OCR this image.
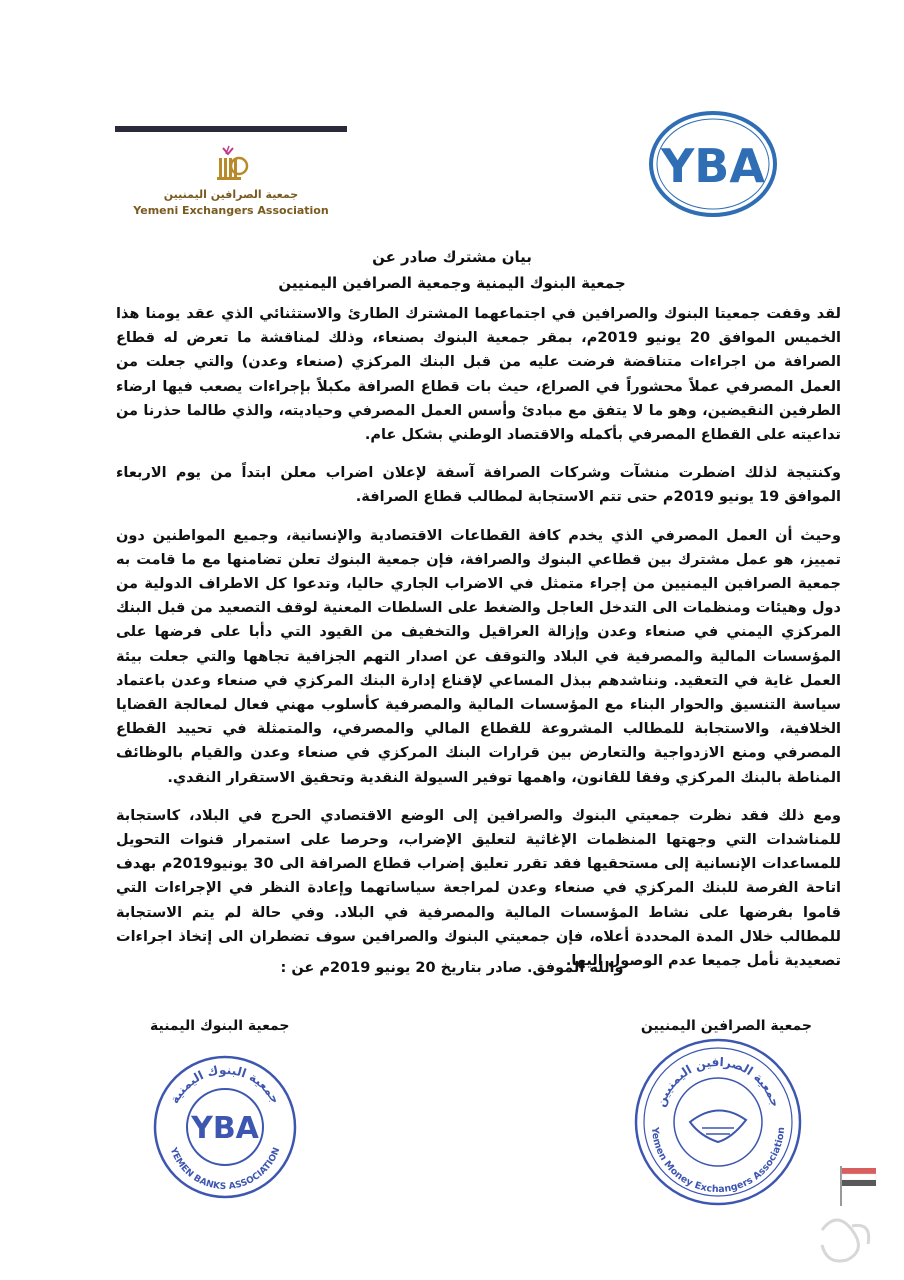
جمعية الصرافين اليمنيين
Yemeni Exchangers Association
YBA
بيان مشترك صادر عن
جمعية البنوك اليمنية وجمعية الصرافين اليمنيين

لقد وقفت جمعيتا البنوك والصرافين في اجتماعهما المشترك الطارئ والاستثنائي الذي عقد يومنا هذا الخميس الموافق 20 يونيو 2019م، بمقر جمعية البنوك بصنعاء، وذلك لمناقشة ما تعرض له قطاع الصرافة من اجراءات متناقضة فرضت عليه من قبل البنك المركزي (صنعاء وعدن) والتي جعلت من العمل المصرفي عملاً محشوراً في الصراع، حيث بات قطاع الصرافة مكبلاً بإجراءات يصعب فيها ارضاء الطرفين النقيضين، وهو ما لا يتفق مع مبادئ وأسس العمل المصرفي وحياديته، والذي طالما حذرنا من تداعيته على القطاع المصرفي بأكمله والاقتصاد الوطني بشكل عام.

وكنتيجة لذلك اضطرت منشآت وشركات الصرافة آسفة لإعلان اضراب معلن ابتداً من يوم الاربعاء الموافق 19 يونيو 2019م حتى تتم الاستجابة لمطالب قطاع الصرافة.

وحيث أن العمل المصرفي الذي يخدم كافة القطاعات الاقتصادية والإنسانية، وجميع المواطنين دون تمييز، هو عمل مشترك بين قطاعي البنوك والصرافة، فإن جمعية البنوك تعلن تضامنها مع ما قامت به جمعية الصرافين اليمنيين من إجراء متمثل في الاضراب الجاري حاليا، وتدعوا كل الاطراف الدولية من دول وهيئات ومنظمات الى التدخل العاجل والضغط على السلطات المعنية لوقف التصعيد من قبل البنك المركزي اليمني في صنعاء وعدن وإزالة العراقيل والتخفيف من القيود التي دأبا على فرضها على المؤسسات المالية والمصرفية في البلاد والتوقف عن اصدار التهم الجزافية تجاهها والتي جعلت بيئة العمل غاية في التعقيد. ونناشدهم ببذل المساعي لإقناع إدارة البنك المركزي في صنعاء وعدن باعتماد سياسة التنسيق والحوار البناء مع المؤسسات المالية والمصرفية كأسلوب مهني فعال لمعالجة القضايا الخلافية، والاستجابة للمطالب المشروعة للقطاع المالي والمصرفي، والمتمثلة في تحييد القطاع المصرفي ومنع الازدواجية والتعارض بين قرارات البنك المركزي في صنعاء وعدن والقيام بالوظائف المناطة بالبنك المركزي وفقا للقانون، واهمها توفير السيولة النقدية وتحقيق الاستقرار النقدي.

ومع ذلك فقد نظرت جمعيتي البنوك والصرافين إلى الوضع الاقتصادي الحرج في البلاد، كاستجابة للمناشدات التي وجهتها المنظمات الإغاثية لتعليق الإضراب، وحرصا على استمرار قنوات التحويل للمساعدات الإنسانية إلى مستحقيها فقد تقرر تعليق إضراب قطاع الصرافة الى 30 يونيو2019م بهدف اتاحة الفرصة للبنك المركزي في صنعاء وعدن لمراجعة سياساتهما وإعادة النظر في الإجراءات التي قاموا بفرضها على نشاط المؤسسات المالية والمصرفية في البلاد. وفي حالة لم يتم الاستجابة للمطالب خلال المدة المحددة أعلاه، فإن جمعيتي البنوك والصرافين سوف تضطران الى إتخاذ اجراءات تصعيدية نأمل جميعا عدم الوصول اليها.

والله الموفق. صادر بتاريخ 20 يونيو 2019م عن :
جمعية الصرافين اليمنيين
جمعية البنوك اليمنية
جمعية البنوك اليمنية
YEMEN BANKS ASSOCIATION
YBA
جمعية الصرافين اليمنيين
Yemen Money Exchangers Association
